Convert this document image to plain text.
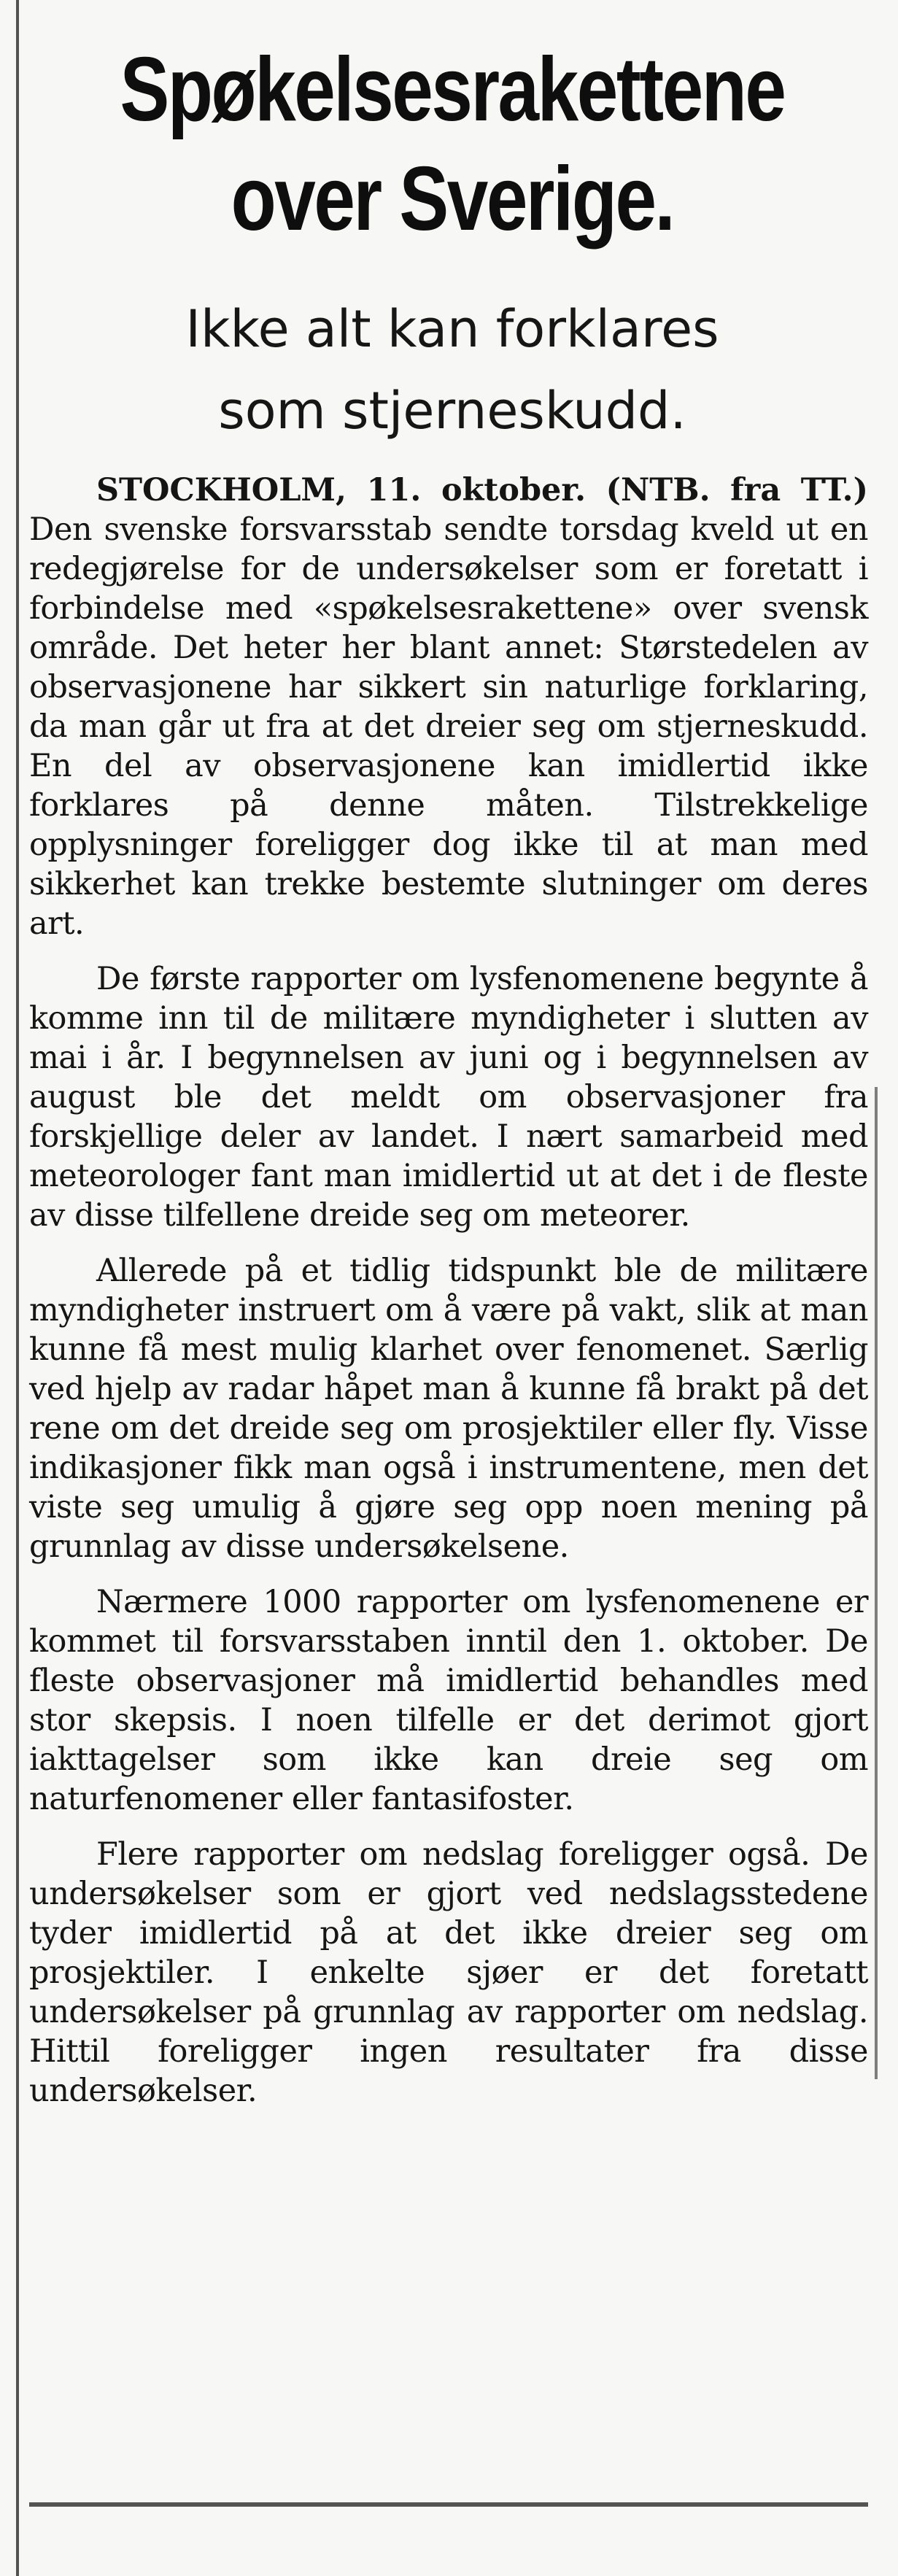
Spøkelsesrakettene
over Sverige.
Ikke alt kan forklares
som stjerneskudd.

STOCKHOLM, 11. oktober. (NTB. fra TT.) Den svenske forsvarsstab sendte torsdag kveld ut en redegjørelse for de undersøkelser som er foretatt i forbindelse med «spøkelsesrakettene» over svensk område. Det heter her blant annet: Størstedelen av observasjonene har sikkert sin naturlige forklaring, da man går ut fra at det dreier seg om stjerneskudd. En del av observasjonene kan imidlertid ikke forklares på denne måten. Tilstrekkelige opplysninger foreligger dog ikke til at man med sikkerhet kan trekke bestemte slutninger om deres art.

De første rapporter om lysfenomenene begynte å komme inn til de militære myndigheter i slutten av mai i år. I begynnelsen av juni og i begynnelsen av august ble det meldt om observasjoner fra forskjellige deler av landet. I nært samarbeid med meteorologer fant man imidlertid ut at det i de fleste av disse tilfellene dreide seg om meteorer.

Allerede på et tidlig tidspunkt ble de militære myndigheter instruert om å være på vakt, slik at man kunne få mest mulig klarhet over fenomenet. Særlig ved hjelp av radar håpet man å kunne få brakt på det rene om det dreide seg om prosjektiler eller fly. Visse indikasjoner fikk man også i instrumentene, men det viste seg umulig å gjøre seg opp noen mening på grunnlag av disse undersøkelsene.

Nærmere 1000 rapporter om lysfenomenene er kommet til forsvarsstaben inntil den 1. oktober. De fleste observasjoner må imidlertid behandles med stor skepsis. I noen tilfelle er det derimot gjort iakttagelser som ikke kan dreie seg om naturfenomener eller fantasifoster.

Flere rapporter om nedslag foreligger også. De undersøkelser som er gjort ved nedslagsstedene tyder imidlertid på at det ikke dreier seg om prosjektiler. I enkelte sjøer er det foretatt undersøkelser på grunnlag av rapporter om nedslag. Hittil foreligger ingen resultater fra disse undersøkelser.
